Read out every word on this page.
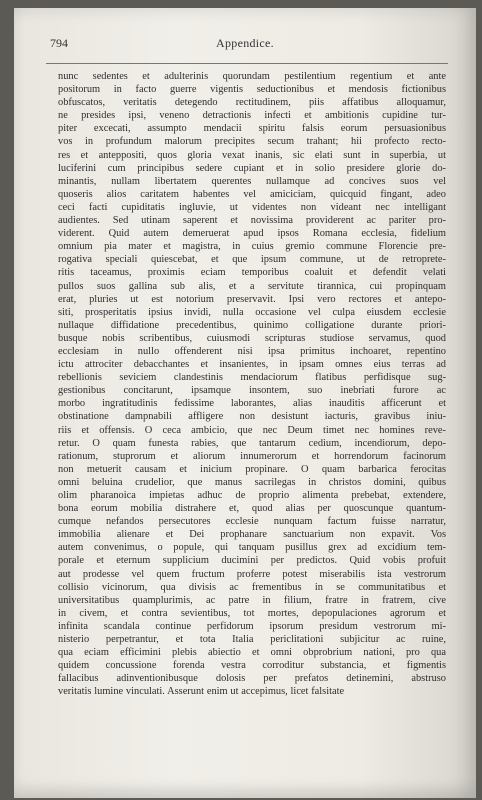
794	Appendice.
nunc sedentes et adulterinis quorundam pestilentium regentium et ante
positorum in facto guerre vigentis seductionibus et mendosis fictionibus
obfuscatos, veritatis detegendo rectitudinem, piis affatibus alloquamur,
ne presides ipsi, veneno detractionis infecti et ambitionis cupidine tur-
piter excecati, assumpto mendacii spiritu falsis eorum persuasionibus
vos in profundum malorum precipites secum trahant; hii profecto recto-
res et anteppositi, quos gloria vexat inanis, sic elati sunt in superbia, ut
luciferini cum principibus sedere cupiant et in solio presidere glorie do-
minantis, nullam libertatem querentes nullamque ad concives suos vel
quoseris alios caritatem habentes vel amiciciam, quicquid fingant, adeo
ceci facti cupiditatis ingluvie, ut videntes non videant nec intelligant
audientes. Sed utinam saperent et novissima providerent ac pariter pro-
viderent. Quid autem demeruerat apud ipsos Romana ecclesia, fidelium
omnium pia mater et magistra, in cuius gremio commune Florencie pre-
rogativa speciali quiescebat, et que ipsum commune, ut de retroprete-
ritis taceamus, proximis eciam temporibus coaluit et defendit velati
pullos suos gallina sub alis, et a servitute tirannica, cui propinquam
erat, pluries ut est notorium preservavit. Ipsi vero rectores et antepo-
siti, prosperitatis ipsius invidi, nulla occasione vel culpa eiusdem ecclesie
nullaque diffidatione precedentibus, quinimo colligatione durante priori-
busque nobis scribentibus, cuiusmodi scripturas studiose servamus, quod
ecclesiam in nullo offenderent nisi ipsa primitus inchoaret, repentino
ictu attrociter debacchantes et insanientes, in ipsam omnes eius terras ad
rebellionis seviciem clandestinis mendaciorum flatibus perfidisque sug-
gestionibus concitarunt, ipsamque insontem, suo inebriati furore ac
morbo ingratitudinis fedissime laborantes, alias inauditis afficerunt et
obstinatione dampnabili affligere non desistunt iacturis, gravibus iniu-
riis et offensis. O ceca ambicio, que nec Deum timet nec homines reve-
retur. O quam funesta rabies, que tantarum cedium, incendiorum, depo-
rationum, stuprorum et aliorum innumerorum et horrendorum facinorum
non metuerit causam et inicium propinare. O quam barbarica ferocitas
omni beluina crudelior, que manus sacrilegas in christos domini, quibus
olim pharanoica impietas adhuc de proprio alimenta prebebat, extendere,
bona eorum mobilia distrahere et, quod alias per quoscunque quantum-
cumque nefandos persecutores ecclesie nunquam factum fuisse narratur,
immobilia alienare et Dei prophanare sanctuarium non expavit. Vos
autem convenimus, o popule, qui tanquam pusillus grex ad excidium tem-
porale et eternum supplicium ducimini per predictos. Quid vobis profuit
aut prodesse vel quem fructum proferre potest miserabilis ista vestrorum
collisio vicinorum, qua divisis ac frementibus in se communitatibus et
universitatibus quamplurimis, ac patre in filium, fratre in fratrem, cive
in civem, et contra sevientibus, tot mortes, depopulaciones agrorum et
infinita scandala continue perfidorum ipsorum presidum vestrorum mi-
nisterio perpetrantur, et tota Italia periclitationi subjicitur ac ruine,
qua eciam efficimini plebis abiectio et omni obprobrium nationi, pro qua
quidem concussione forenda vestra corroditur substancia, et figmentis
fallacibus adinventionibusque dolosis per prefatos detinemini, abstruso
veritatis lumine vinculati. Asserunt enim ut accepimus, licet falsitate
